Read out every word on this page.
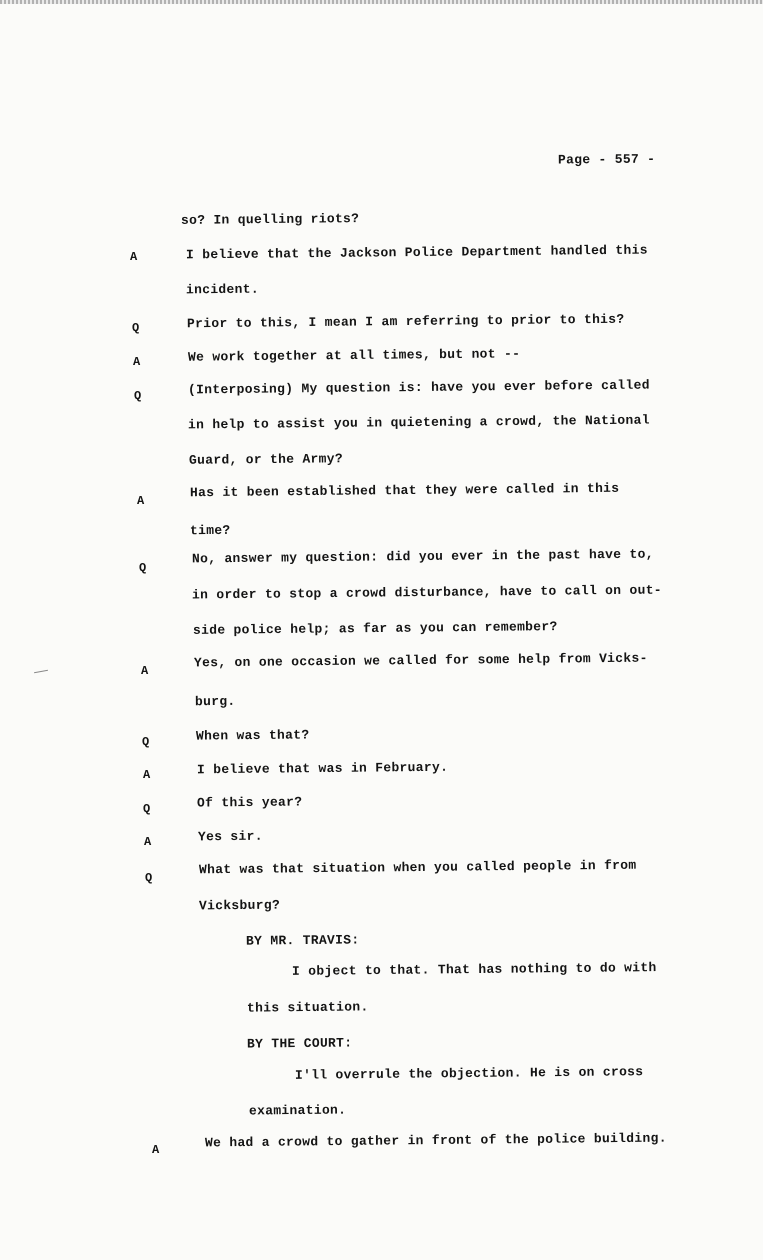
Page - 557 -
so? In quelling riots?
A	I believe that the Jackson Police Department handled this
incident.
Q	Prior to this, I mean I am referring to prior to this?
A	We work together at all times, but not --
Q	(Interposing) My question is: have you ever before called
in help to assist you in quietening a crowd, the National
Guard, or the Army?
A
Has it been established that they were called in this
time?
Q
No, answer my question: did you ever in the past have to,
in order to stop a crowd disturbance, have to call on out-
side police help; as far as you can remember?
A
Yes, on one occasion we called for some help from Vicks-
burg.
Q	When was that?
A	I believe that was in February.
Q	Of this year?
A	Yes sir.
Q
What was that situation when you called people in from
Vicksburg?
BY MR. TRAVIS:
I object to that. That has nothing to do with
this situation.
BY THE COURT:
I'll overrule the objection. He is on cross
examination.
A	We had a crowd to gather in front of the police building.
